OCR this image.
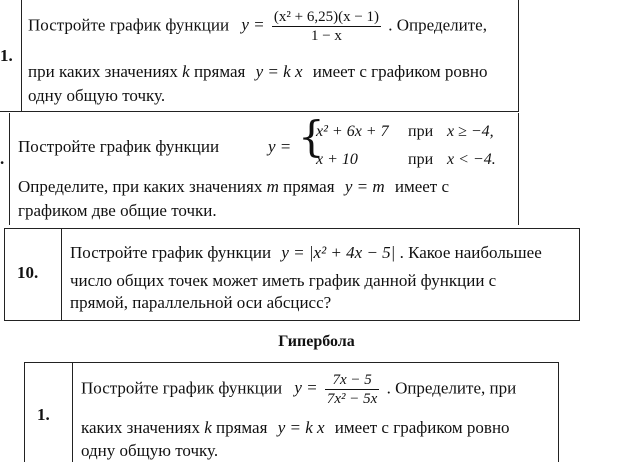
1.
Постройте график функции $y = \frac{\text{(x² + 6,25)(x − 1)}}{1 - x}$ . Определите,
при каких значениях k прямая y = k x имеет с графиком ровно
одну общую точку.
.
Постройте график функции	y = {
x² + 6x + 7 при x ≥ −4,
x + 10	при x < −4.
Определите, при каких значениях m прямая y = m имеет с
графиком две общие точки.
10.
Постройте график функции y = |x² + 4x − 5| . Какое наибольшее
число общих точек может иметь график данной функции с
прямой, параллельной оси абсцисс?
Гипербола
1.
Постройте график функции $y = \frac{7x - 5}{\text{7x² − 5x}}$ . Определите, при
каких значениях k прямая y = k x имеет с графиком ровно
одну общую точку.
